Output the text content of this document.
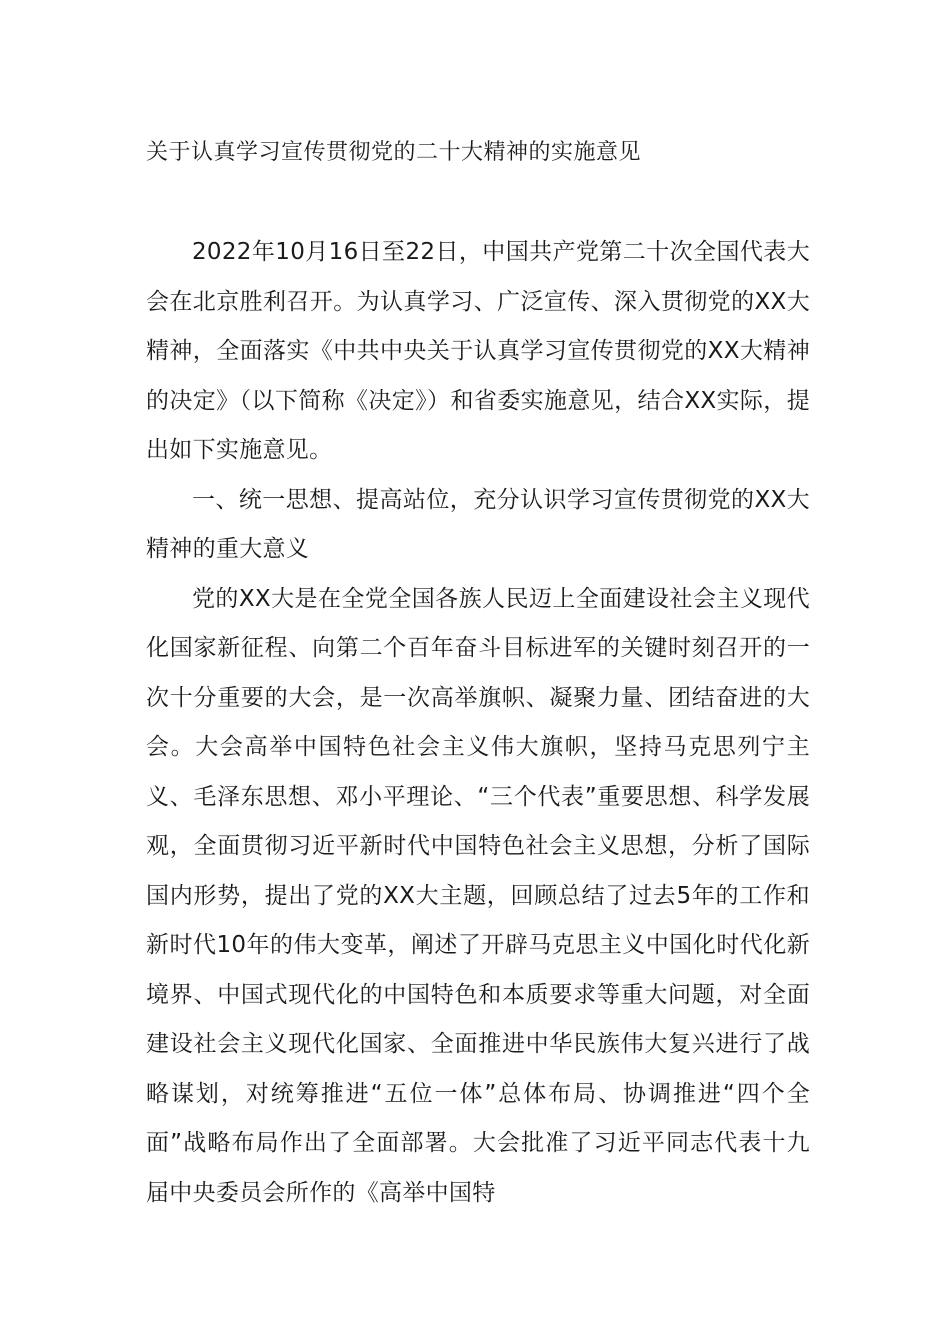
关于认真学习宣传贯彻党的二十大精神的实施意见

2022年10月16日至22日，中国共产党第二十次全国代表大会在北京胜利召开。为认真学习、广泛宣传、深入贯彻党的XX大精神，全面落实《中共中央关于认真学习宣传贯彻党的XX大精神的决定》（以下简称《决定》）和省委实施意见，结合XX实际，提出如下实施意见。

一、统一思想、提高站位，充分认识学习宣传贯彻党的XX大精神的重大意义

党的XX大是在全党全国各族人民迈上全面建设社会主义现代化国家新征程、向第二个百年奋斗目标进军的关键时刻召开的一次十分重要的大会，是一次高举旗帜、凝聚力量、团结奋进的大会。大会高举中国特色社会主义伟大旗帜，坚持马克思列宁主义、毛泽东思想、邓小平理论、“三个代表”重要思想、科学发展观，全面贯彻习近平新时代中国特色社会主义思想，分析了国际国内形势，提出了党的XX大主题，回顾总结了过去5年的工作和新时代10年的伟大变革，阐述了开辟马克思主义中国化时代化新境界、中国式现代化的中国特色和本质要求等重大问题，对全面建设社会主义现代化国家、全面推进中华民族伟大复兴进行了战略谋划，对统筹推进“五位一体”总体布局、协调推进“四个全面”战略布局作出了全面部署。大会批准了习近平同志代表十九届中央委员会所作的《高举中国特
